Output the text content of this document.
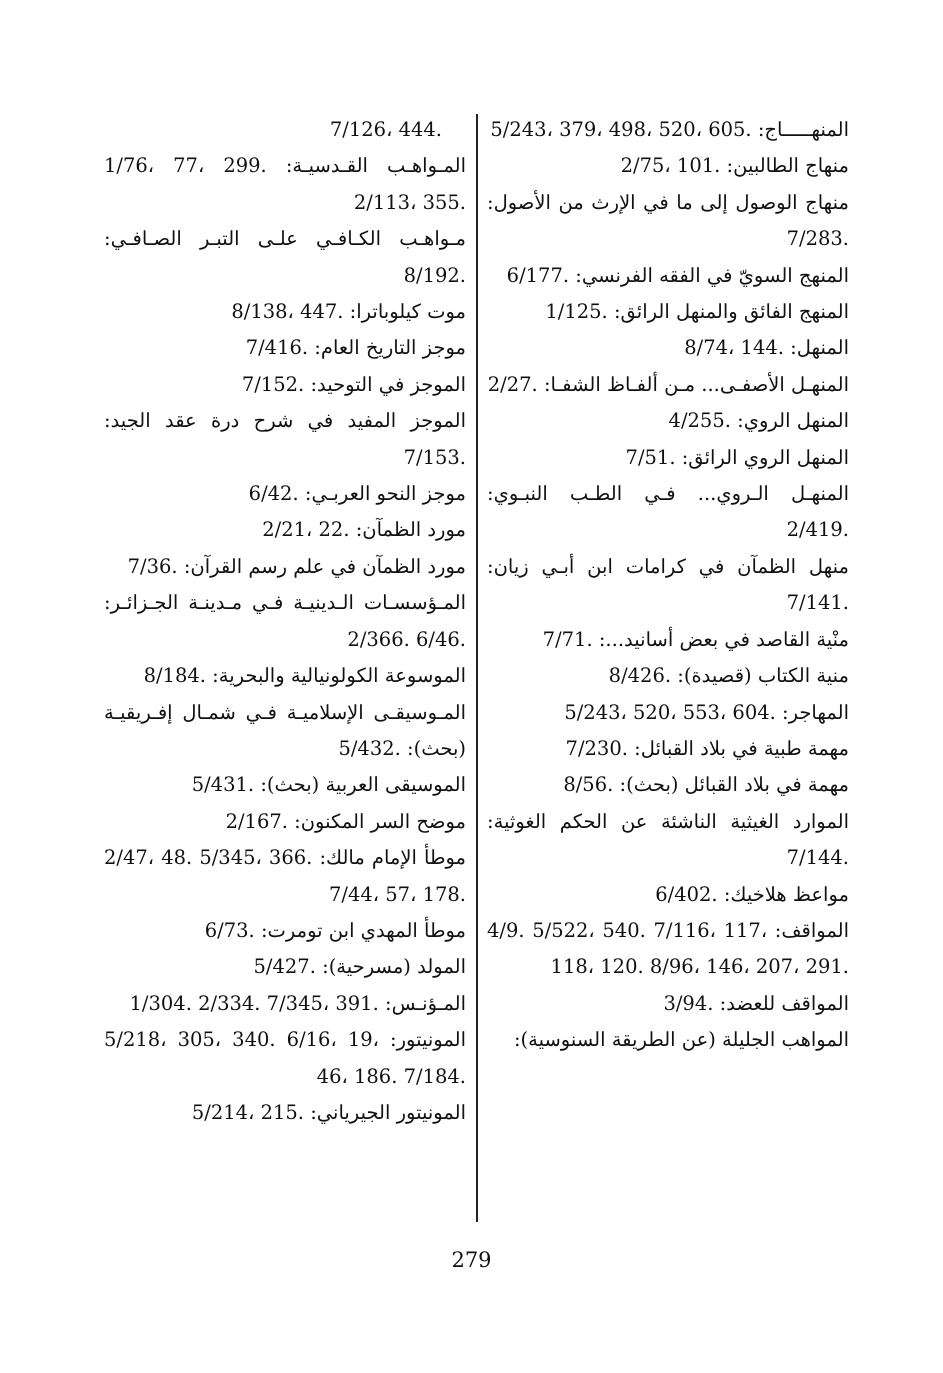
المنهـــــاج: 5/243، 379، 498، 520، 605.

منهاج الطالبين: 2/75، 101.

منهاج الوصول إلى ما في الإرث من الأصول: 7/283.

المنهج السويّ في الفقه الفرنسي: 6/177.

المنهج الفائق والمنهل الرائق: 1/125.

المنهل: 8/74، 144.

المنهـل الأصفـى... مـن ألفـاظ الشفـا: 2/27.

المنهل الروي: 4/255.

المنهل الروي الرائق: 7/51.

المنهـل الـروي... فـي الطـب النبـوي: 2/419.

منهل الظمآن في كرامات ابن أبـي زيان: 7/141.

منْية القاصد في بعض أسانيد...: 7/71.

منية الكتاب (قصيدة): 8/426.

المهاجر: 5/243، 520، 553، 604.

مهمة طبية في بلاد القبائل: 7/230.

مهمة في بلاد القبائل (بحث): 8/56.

الموارد الغيثية الناشئة عن الحكم الغوثية: 7/144.

مواعظ هلاخيك: 6/402.

المواقف: 4/9. 5/522، 540. 7/116، 117، 118، 120. 8/96، 146، 207، 291.

المواقف للعضد: 3/94.

المواهب الجليلة (عن الطريقة السنوسية):

7/126، 444.

المـواهـب القـدسيـة: 1/76، 77، 299. 2/113، 355.

مـواهـب الكـافـي علـى التبـر الصـافـي: 8/192.

موت كيلوباترا: 8/138، 447.

موجز التاريخ العام: 7/416.

الموجز في التوحيد: 7/152.

الموجز المفيد في شرح درة عقد الجيد: 7/153.

موجز النحو العربـي: 6/42.

مورد الظمآن: 2/21، 22.

مورد الظمآن في علم رسم القرآن: 7/36.

المـؤسسـات الـدينيـة فـي مـدينـة الجـزائـر: 2/366. 6/46.

الموسوعة الكولونيالية والبحرية: 8/184.

المـوسيقـى الإسلاميـة فـي شمـال إفـريقيـة (بحث): 5/432.

الموسيقى العربية (بحث): 5/431.

موضح السر المكنون: 2/167.

موطأ الإمام مالك: 2/47، 48. 5/345، 366. 7/44، 57، 178.

موطأ المهدي ابن تومرت: 6/73.

المولد (مسرحية): 5/427.

المـؤنـس: 1/304. 2/334. 7/345، 391.

المونيتور: 5/218، 305، 340. 6/16، 19، 46، 186. 7/184.

المونيتور الجيرياني: 5/214، 215.

279
